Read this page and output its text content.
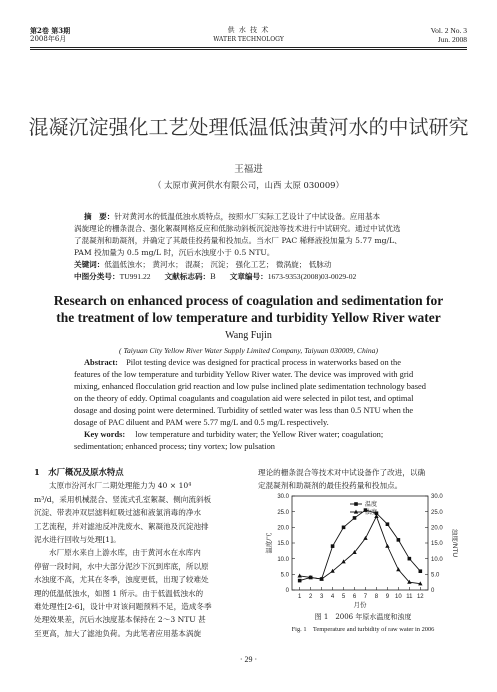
第2卷 第3期
2008年6月
供 水 技 术
WATER TECHNOLOGY
Vol. 2 No. 3
Jun. 2008
混凝沉淀强化工艺处理低温低浊黄河水的中试研究
王福进
（ 太原市黄河供水有限公司，山西 太原 030009）
摘　要：针对黄河水的低温低浊水质特点，按照水厂实际工艺设计了中试设备。应用基本
涡旋理论的栅条混合、强化絮凝网格反应和低脉动斜板沉淀池等技术进行中试研究。通过中试优选
了混凝剂和助凝剂，并确定了其最佳投药量和投加点。当水厂 PAC 稀释液投加量为 5.77 mg/L、
PAM 投加量为 0.5 mg/L 时，沉后水浊度小于 0.5 NTU。
关键词：低温低浊水； 黄河水； 混凝； 沉淀； 强化工艺； 微涡旋； 低脉动
中图分类号：TU991.22 文献标志码：B 文章编号：1673-9353(2008)03-0029-02
Research on enhanced process of coagulation and sedimentation for
the treatment of low temperature and turbidity Yellow River water
Wang Fujin
( Taiyuan City Yellow River Water Supply Limited Company, Taiyuan 030009, China)
Abstract: Pilot testing device was designed for practical process in waterworks based on the
features of the low temperature and turbidity Yellow River water. The device was improved with grid
mixing, enhanced flocculation grid reaction and low pulse inclined plate sedimentation technology based
on the theory of eddy. Optimal coagulants and coagulation aid were selected in pilot test, and optimal
dosage and dosing point were determined. Turbidity of settled water was less than 0.5 NTU when the
dosage of PAC diluent and PAM were 5.77 mg/L and 0.5 mg/L respectively.
Key words: low temperature and turbidity water; the Yellow River water; coagulation;
sedimentation; enhanced process; tiny vortex; low pulsation
1　水厂概况及原水特点
太原市汾河水厂二期处理能力为 40 × 10⁴
m³/d，采用机械混合、竖流式孔室絮凝、侧向流斜板
沉淀、带表冲双层滤料虹吸过滤和液氯消毒的净水
工艺流程，并对滤池反冲洗废水、絮凝池及沉淀池排
泥水进行回收与处理[1]。
水厂原水来自上游水库，由于黄河水在水库内
停留一段时间，水中大部分泥沙下沉到库底，所以原
水浊度不高，尤其在冬季，浊度更低，出现了较难处
理的低温低浊水，如图 1 所示。由于低温低浊水的
难处理性[2-6]，设计中对该问题预料不足，造成冬季
处理效果差，沉后水浊度基本保持在 2～3 NTU 甚
至更高，加大了滤池负荷。为此笔者应用基本涡旋
理论的栅条混合等技术对中试设备作了改进，以确
定混凝剂和助凝剂的最佳投药量和投加点。
0
5.0
10.0
15.0
20.0
25.0
30.0
0
5.0
10.0
15.0
20.0
25.0
30.0
1 2 3 4 5 6 7 8 9 10 11 12
月份
温度/℃	浊度/NTU
温度
浊度
图 1　2006 年原水温度和浊度
Fig. 1　Temperature and turbidity of raw water in 2006
· 29 ·
